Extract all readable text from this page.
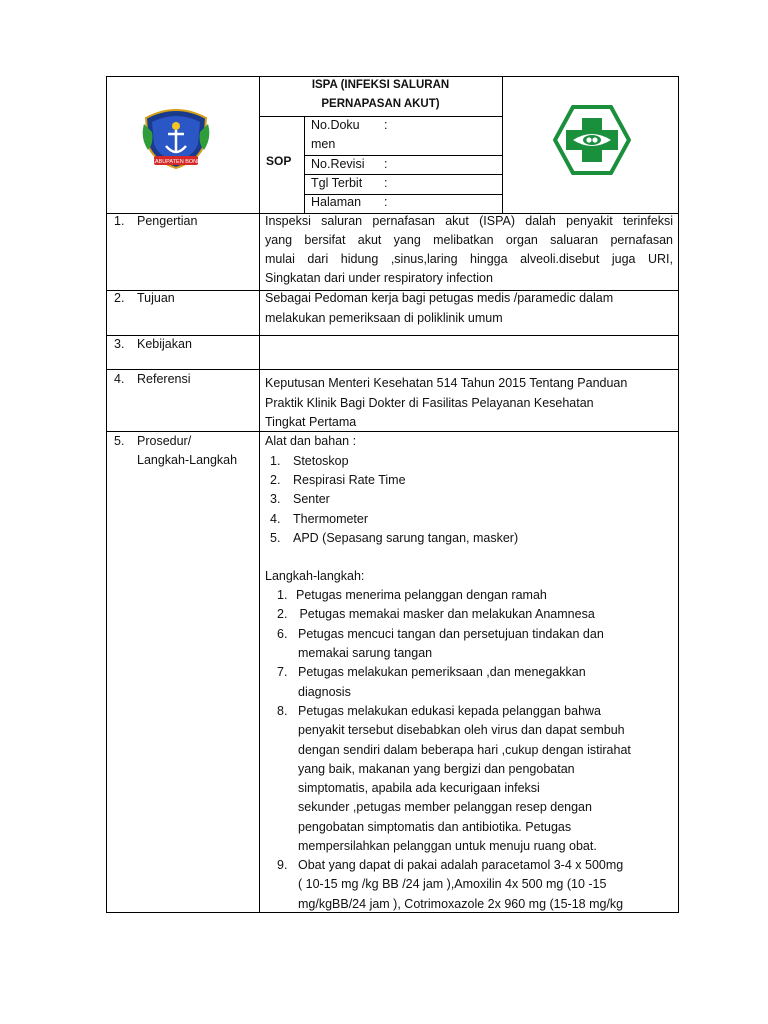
KABUPATEN BONE
ISPA (INFEKSI SALURAN
PERNAPASAN AKUT)
SOP
No.Doku :
men
No.Revisi :
Tgl Terbit :
Halaman :
1. Pengertian	Inspeksi saluran pernafasan akut (ISPA) dalah penyakit terinfeksi
yang bersifat akut yang melibatkan organ saluaran pernafasan
mulai dari hidung ,sinus,laring hingga alveoli.disebut juga URI,
Singkatan dari under respiratory infection
2. Tujuan	Sebagai Pedoman kerja bagi petugas medis /paramedic dalam
melakukan pemeriksaan di poliklinik umum
3. Kebijakan
4. Referensi	Keputusan Menteri Kesehatan 514 Tahun 2015 Tentang Panduan
Praktik Klinik Bagi Dokter di Fasilitas Pelayanan Kesehatan
Tingkat Pertama
5. Prosedur/
Langkah-Langkah
Alat dan bahan :
1. Stetoskop
2. Respirasi Rate Time
3. Senter
4. Thermometer
5. APD (Sepasang sarung tangan, masker)
Langkah-langkah:
1. Petugas menerima pelanggan dengan ramah
2. Petugas memakai masker dan melakukan Anamnesa
6. Petugas mencuci tangan dan persetujuan tindakan dan
memakai sarung tangan
7. Petugas melakukan pemeriksaan ,dan menegakkan
diagnosis
8. Petugas melakukan edukasi kepada pelanggan bahwa
penyakit tersebut disebabkan oleh virus dan dapat sembuh
dengan sendiri dalam beberapa hari ,cukup dengan istirahat
yang baik, makanan yang bergizi dan pengobatan
simptomatis, apabila ada kecurigaan infeksi
sekunder ,petugas member pelanggan resep dengan
pengobatan simptomatis dan antibiotika. Petugas
mempersilahkan pelanggan untuk menuju ruang obat.
9. Obat yang dapat di pakai adalah paracetamol 3-4 x 500mg
( 10-15 mg /kg BB /24 jam ),Amoxilin 4x 500 mg (10 -15
mg/kgBB/24 jam ), Cotrimoxazole 2x 960 mg (15-18 mg/kg
